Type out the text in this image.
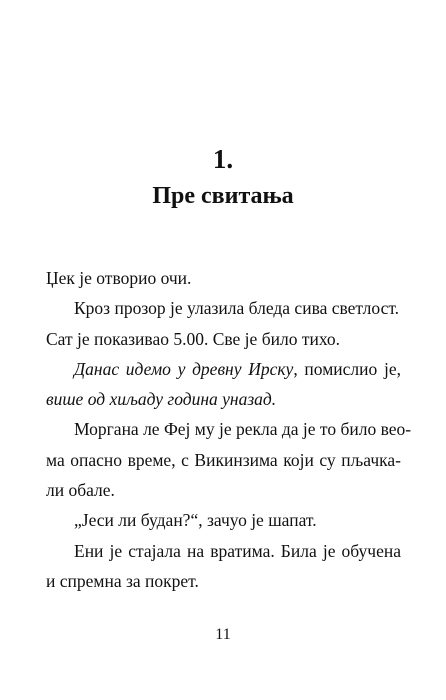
1.
Пре свитања
Џек је отворио очи.
Кроз прозор је улазила бледа сива светлост.
Сат је показивао 5.00. Све је било тихо.
Данас идемо у древну Ирску, помислио је,
више од хиљаду година уназад.
Моргана ле Феј му је рекла да је то било вео-
ма опасно време, с Викинзима који су пљачка-
ли обале.
„Јеси ли будан?“, зачуо је шапат.
Ени је стајала на вратима. Била је обучена
и спремна за покрет.
11
